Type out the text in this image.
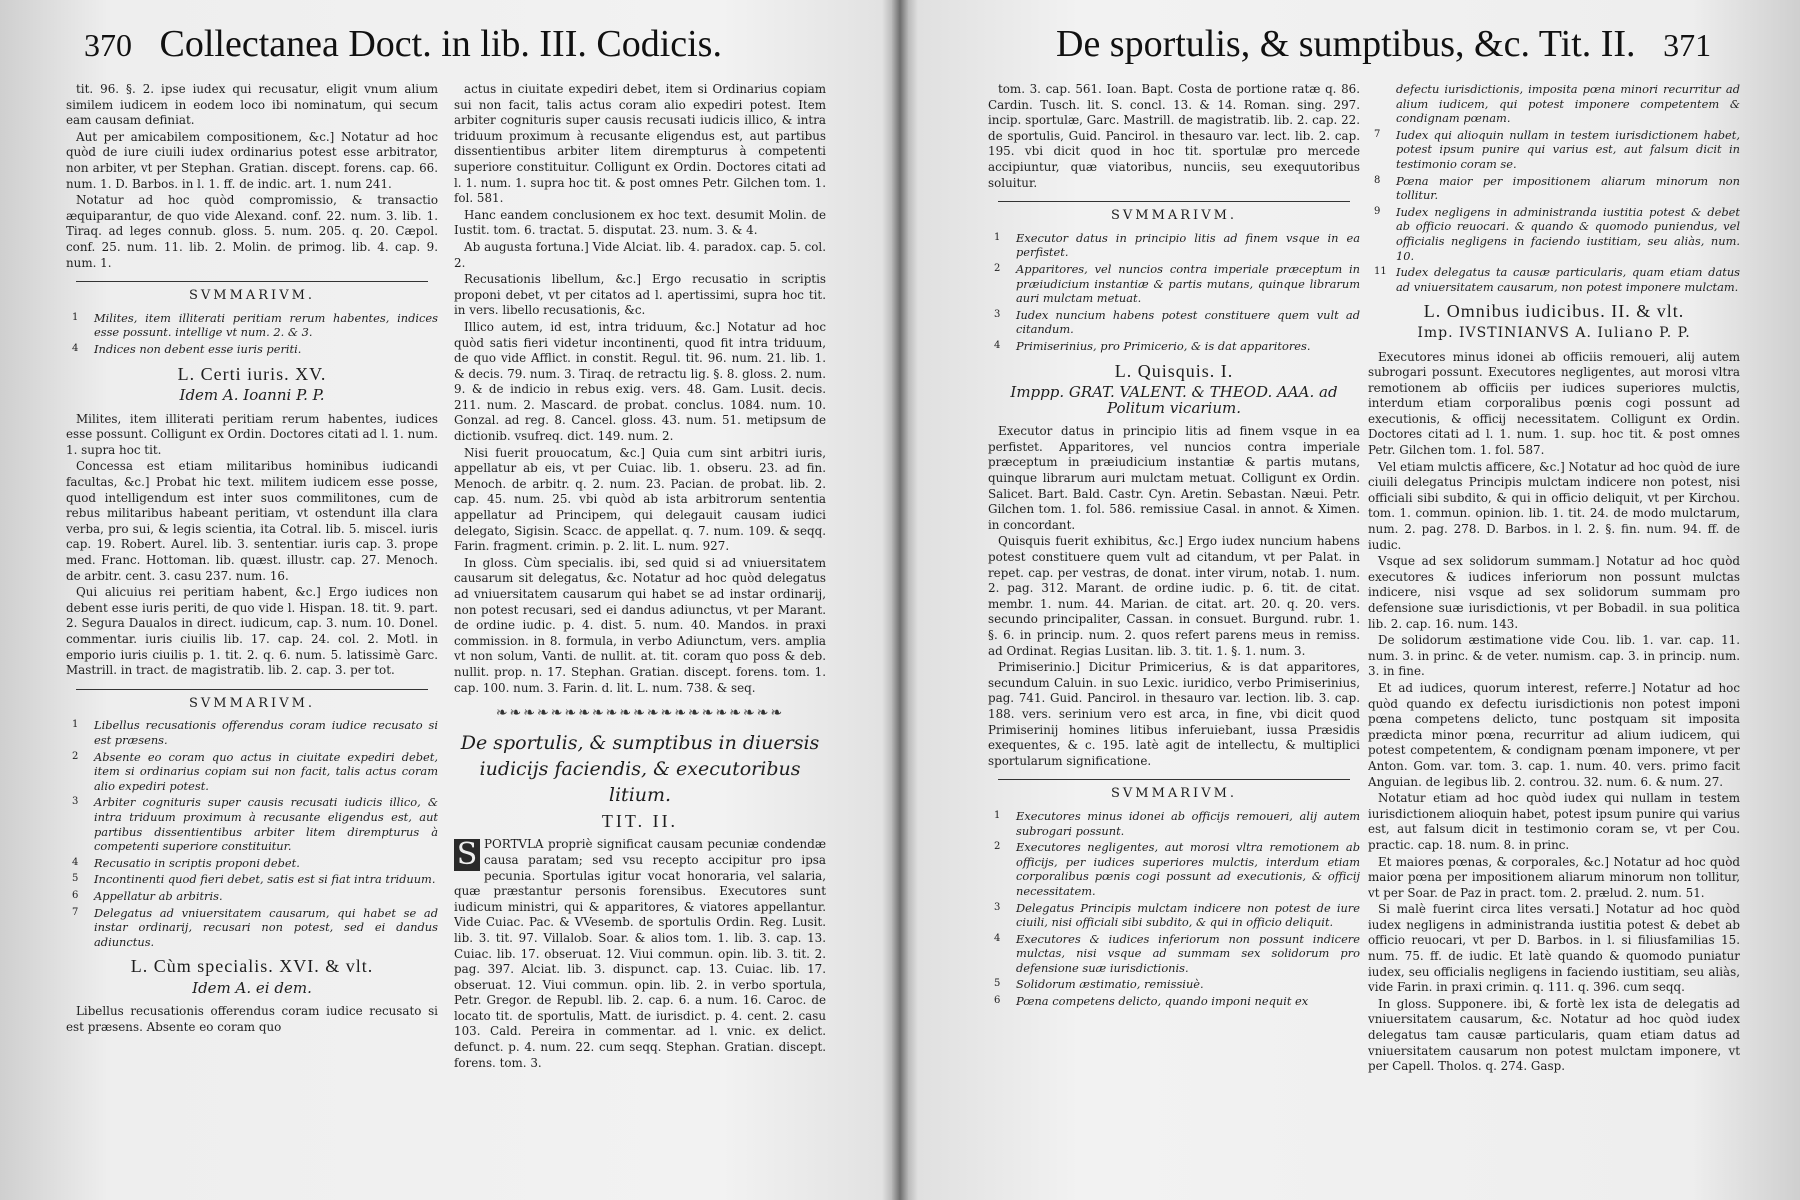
370 Collectanea Doct. in lib. III. Codicis.

tit. 96. §. 2. ipse iudex qui recusatur, eligit vnum alium similem iudicem in eodem loco ibi nominatum, qui secum eam causam definiat.

Aut per amicabilem compositionem, &c.] Notatur ad hoc quòd de iure ciuili iudex ordinarius potest esse arbitrator, non arbiter, vt per Stephan. Gratian. discept. forens. cap. 66. num. 1. D. Barbos. in l. 1. ff. de indic. art. 1. num 241.

Notatur ad hoc quòd compromissio, & transactio æquiparantur, de quo vide Alexand. conf. 22. num. 3. lib. 1. Tiraq. ad leges connub. gloss. 5. num. 205. q. 20. Cæpol. conf. 25. num. 11. lib. 2. Molin. de primog. lib. 4. cap. 9. num. 1.

SVMMARIVM.
1 Milites, item illiterati peritiam rerum habentes, indices esse possunt. intellige vt num. 2. & 3.
4 Indices non debent esse iuris periti.
L. Certi iuris. XV.
Idem A. Ioanni P. P.

Milites, item illiterati peritiam rerum habentes, iudices esse possunt. Colligunt ex Ordin. Doctores citati ad l. 1. num. 1. supra hoc tit.

Concessa est etiam militaribus hominibus iudicandi facultas, &c.] Probat hic text. militem iudicem esse posse, quod intelligendum est inter suos commilitones, cum de rebus militaribus habeant peritiam, vt ostendunt illa clara verba, pro sui, & legis scientia, ita Cotral. lib. 5. miscel. iuris cap. 19. Robert. Aurel. lib. 3. sententiar. iuris cap. 3. prope med. Franc. Hottoman. lib. quæst. illustr. cap. 27. Menoch. de arbitr. cent. 3. casu 237. num. 16.

Qui alicuius rei peritiam habent, &c.] Ergo iudices non debent esse iuris periti, de quo vide l. Hispan. 18. tit. 9. part. 2. Segura Daualos in direct. iudicum, cap. 3. num. 10. Donel. commentar. iuris ciuilis lib. 17. cap. 24. col. 2. Motl. in emporio iuris ciuilis p. 1. tit. 2. q. 6. num. 5. latissimè Garc. Mastrill. in tract. de magistratib. lib. 2. cap. 3. per tot.

SVMMARIVM.
1 Libellus recusationis offerendus coram iudice recusato si est præsens.
2 Absente eo coram quo actus in ciuitate expediri debet, item si ordinarius copiam sui non facit, talis actus coram alio expediri potest.
3 Arbiter cognituris super causis recusati iudicis illico, & intra triduum proximum à recusante eligendus est, aut partibus dissentientibus arbiter litem dirempturus à competenti superiore constituitur.
4 Recusatio in scriptis proponi debet.
5 Incontinenti quod fieri debet, satis est si fiat intra triduum.
6 Appellatur ab arbitris.
7 Delegatus ad vniuersitatem causarum, qui habet se ad instar ordinarij, recusari non potest, sed ei dandus adiunctus.
L. Cùm specialis. XVI. & vlt.
Idem A. ei dem.

Libellus recusationis offerendus coram iudice recusato si est præsens. Absente eo coram quo

actus in ciuitate expediri debet, item si Ordinarius copiam sui non facit, talis actus coram alio expediri potest. Item arbiter cognituris super causis recusati iudicis illico, & intra triduum proximum à recusante eligendus est, aut partibus dissentientibus arbiter litem dirempturus à competenti superiore constituitur. Colligunt ex Ordin. Doctores citati ad l. 1. num. 1. supra hoc tit. & post omnes Petr. Gilchen tom. 1. fol. 581.

Hanc eandem conclusionem ex hoc text. desumit Molin. de Iustit. tom. 6. tractat. 5. disputat. 23. num. 3. & 4.

Ab augusta fortuna.] Vide Alciat. lib. 4. paradox. cap. 5. col. 2.

Recusationis libellum, &c.] Ergo recusatio in scriptis proponi debet, vt per citatos ad l. apertissimi, supra hoc tit. in vers. libello recusationis, &c.

Illico autem, id est, intra triduum, &c.] Notatur ad hoc quòd satis fieri videtur incontinenti, quod fit intra triduum, de quo vide Afflict. in constit. Regul. tit. 96. num. 21. lib. 1. & decis. 79. num. 3. Tiraq. de retractu lig. §. 8. gloss. 2. num. 9. & de indicio in rebus exig. vers. 48. Gam. Lusit. decis. 211. num. 2. Mascard. de probat. conclus. 1084. num. 10. Gonzal. ad reg. 8. Cancel. gloss. 43. num. 51. metipsum de dictionib. vsufreq. dict. 149. num. 2.

Nisi fuerit prouocatum, &c.] Quia cum sint arbitri iuris, appellatur ab eis, vt per Cuiac. lib. 1. obseru. 23. ad fin. Menoch. de arbitr. q. 2. num. 23. Pacian. de probat. lib. 2. cap. 45. num. 25. vbi quòd ab ista arbitrorum sententia appellatur ad Principem, qui delegauit causam iudici delegato, Sigisin. Scacc. de appellat. q. 7. num. 109. & seqq. Farin. fragment. crimin. p. 2. lit. L. num. 927.

In gloss. Cùm specialis. ibi, sed quid si ad vniuersitatem causarum sit delegatus, &c. Notatur ad hoc quòd delegatus ad vniuersitatem causarum qui habet se ad instar ordinarij, non potest recusari, sed ei dandus adiunctus, vt per Marant. de ordine iudic. p. 4. dist. 5. num. 40. Mandos. in praxi commission. in 8. formula, in verbo Adiunctum, vers. amplia vt non solum, Vanti. de nullit. at. tit. coram quo poss & deb. nullit. prop. n. 17. Stephan. Gratian. discept. forens. tom. 1. cap. 100. num. 3. Farin. d. lit. L. num. 738. & seq.

❧❧❧❧❧❧❧❧❧❧❧❧❧❧❧❧❧❧❧❧❧
De sportulis, & sumptibus in diuersis iudicijs faciendis, & executoribus litium.
TIT. II.

S PORTVLA propriè significat causam pecuniæ condendæ causa paratam; sed vsu recepto accipitur pro ipsa pecunia. Sportulas igitur vocat honoraria, vel salaria, quæ præstantur personis forensibus. Executores sunt iudicum ministri, qui & apparitores, & viatores appellantur. Vide Cuiac. Pac. & VVesemb. de sportulis Ordin. Reg. Lusit. lib. 3. tit. 97. Villalob. Soar. & alios tom. 1. lib. 3. cap. 13. Cuiac. lib. 17. obseruat. 12. Viui commun. opin. lib. 3. tit. 2. pag. 397. Alciat. lib. 3. dispunct. cap. 13. Cuiac. lib. 17. obseruat. 12. Viui commun. opin. lib. 2. in verbo sportula, Petr. Gregor. de Republ. lib. 2. cap. 6. a num. 16. Caroc. de locato tit. de sportulis, Matt. de iurisdict. p. 4. cent. 2. casu 103. Cald. Pereira in commentar. ad l. vnic. ex delict. defunct. p. 4. num. 22. cum seqq. Stephan. Gratian. discept. forens. tom. 3.

De sportulis, & sumptibus, &c. Tit. II. 371

tom. 3. cap. 561. Ioan. Bapt. Costa de portione ratæ q. 86. Cardin. Tusch. lit. S. concl. 13. & 14. Roman. sing. 297. incip. sportulæ, Garc. Mastrill. de magistratib. lib. 2. cap. 22. de sportulis, Guid. Pancirol. in thesauro var. lect. lib. 2. cap. 195. vbi dicit quod in hoc tit. sportulæ pro mercede accipiuntur, quæ viatoribus, nunciis, seu exequutoribus soluitur.

SVMMARIVM.
1 Executor datus in principio litis ad finem vsque in ea perfistet.
2 Apparitores, vel nuncios contra imperiale præceptum in præiudicium instantiæ & partis mutans, quinque librarum auri mulctam metuat.
3 Iudex nuncium habens potest constituere quem vult ad citandum.
4 Primiserinius, pro Primicerio, & is dat apparitores.
L. Quisquis. I.
Imppp. GRAT. VALENT. & THEOD. AAA. ad Politum vicarium.

Executor datus in principio litis ad finem vsque in ea perfistet. Apparitores, vel nuncios contra imperiale præceptum in præiudicium instantiæ & partis mutans, quinque librarum auri mulctam metuat. Colligunt ex Ordin. Salicet. Bart. Bald. Castr. Cyn. Aretin. Sebastan. Næui. Petr. Gilchen tom. 1. fol. 586. remissiue Casal. in annot. & Ximen. in concordant.

Quisquis fuerit exhibitus, &c.] Ergo iudex nuncium habens potest constituere quem vult ad citandum, vt per Palat. in repet. cap. per vestras, de donat. inter virum, notab. 1. num. 2. pag. 312. Marant. de ordine iudic. p. 6. tit. de citat. membr. 1. num. 44. Marian. de citat. art. 20. q. 20. vers. secundo principaliter, Cassan. in consuet. Burgund. rubr. 1. §. 6. in princip. num. 2. quos refert parens meus in remiss. ad Ordinat. Regias Lusitan. lib. 3. tit. 1. §. 1. num. 3.

Primiserinio.] Dicitur Primicerius, & is dat apparitores, secundum Caluin. in suo Lexic. iuridico, verbo Primiserinius, pag. 741. Guid. Pancirol. in thesauro var. lection. lib. 3. cap. 188. vers. serinium vero est arca, in fine, vbi dicit quod Primiserinij homines litibus inferuiebant, iussa Præsidis exequentes, & c. 195. latè agit de intellectu, & multiplici sportularum significatione.

SVMMARIVM.
1 Executores minus idonei ab officijs remoueri, alij autem subrogari possunt.
2 Executores negligentes, aut morosi vltra remotionem ab officijs, per iudices superiores mulctis, interdum etiam corporalibus pœnis cogi possunt ad executionis, & officij necessitatem.
3 Delegatus Principis mulctam indicere non potest de iure ciuili, nisi officiali sibi subdito, & qui in officio deliquit.
4 Executores & iudices inferiorum non possunt indicere mulctas, nisi vsque ad summam sex solidorum pro defensione suæ iurisdictionis.
5 Solidorum æstimatio, remissiuè.
6 Pœna competens delicto, quando imponi nequit ex
defectu iurisdictionis, imposita pœna minori recurritur ad alium iudicem, qui potest imponere competentem & condignam pœnam.
7 Iudex qui alioquin nullam in testem iurisdictionem habet, potest ipsum punire qui varius est, aut falsum dicit in testimonio coram se.
8 Pœna maior per impositionem aliarum minorum non tollitur.
9 Iudex negligens in administranda iustitia potest & debet ab officio reuocari. & quando & quomodo puniendus, vel officialis negligens in faciendo iustitiam, seu aliàs, num. 10.
11 Iudex delegatus ta causæ particularis, quam etiam datus ad vniuersitatem causarum, non potest imponere mulctam.
L. Omnibus iudicibus. II. & vlt.
Imp. IVSTINIANVS A. Iuliano P. P.

Executores minus idonei ab officiis remoueri, alij autem subrogari possunt. Executores negligentes, aut morosi vltra remotionem ab officiis per iudices superiores mulctis, interdum etiam corporalibus pœnis cogi possunt ad executionis, & officij necessitatem. Colligunt ex Ordin. Doctores citati ad l. 1. num. 1. sup. hoc tit. & post omnes Petr. Gilchen tom. 1. fol. 587.

Vel etiam mulctis afficere, &c.] Notatur ad hoc quòd de iure ciuili delegatus Principis mulctam indicere non potest, nisi officiali sibi subdito, & qui in officio deliquit, vt per Kirchou. tom. 1. commun. opinion. lib. 1. tit. 24. de modo mulctarum, num. 2. pag. 278. D. Barbos. in l. 2. §. fin. num. 94. ff. de iudic.

Vsque ad sex solidorum summam.] Notatur ad hoc quòd executores & iudices inferiorum non possunt mulctas indicere, nisi vsque ad sex solidorum summam pro defensione suæ iurisdictionis, vt per Bobadil. in sua politica lib. 2. cap. 16. num. 143.

De solidorum æstimatione vide Cou. lib. 1. var. cap. 11. num. 3. in princ. & de veter. numism. cap. 3. in princip. num. 3. in fine.

Et ad iudices, quorum interest, referre.] Notatur ad hoc quòd quando ex defectu iurisdictionis non potest imponi pœna competens delicto, tunc postquam sit imposita prædicta minor pœna, recurritur ad alium iudicem, qui potest competentem, & condignam pœnam imponere, vt per Anton. Gom. var. tom. 3. cap. 1. num. 40. vers. primo facit Anguian. de legibus lib. 2. controu. 32. num. 6. & num. 27.

Notatur etiam ad hoc quòd iudex qui nullam in testem iurisdictionem alioquin habet, potest ipsum punire qui varius est, aut falsum dicit in testimonio coram se, vt per Cou. practic. cap. 18. num. 8. in princ.

Et maiores pœnas, & corporales, &c.] Notatur ad hoc quòd maior pœna per impositionem aliarum minorum non tollitur, vt per Soar. de Paz in pract. tom. 2. prælud. 2. num. 51.

Si malè fuerint circa lites versati.] Notatur ad hoc quòd iudex negligens in administranda iustitia potest & debet ab officio reuocari, vt per D. Barbos. in l. si filiusfamilias 15. num. 75. ff. de iudic. Et latè quando & quomodo puniatur iudex, seu officialis negligens in faciendo iustitiam, seu aliàs, vide Farin. in praxi crimin. q. 111. q. 396. cum seqq.

In gloss. Supponere. ibi, & fortè lex ista de delegatis ad vniuersitatem causarum, &c. Notatur ad hoc quòd iudex delegatus tam causæ particularis, quam etiam datus ad vniuersitatem causarum non potest mulctam imponere, vt per Capell. Tholos. q. 274. Gasp.
